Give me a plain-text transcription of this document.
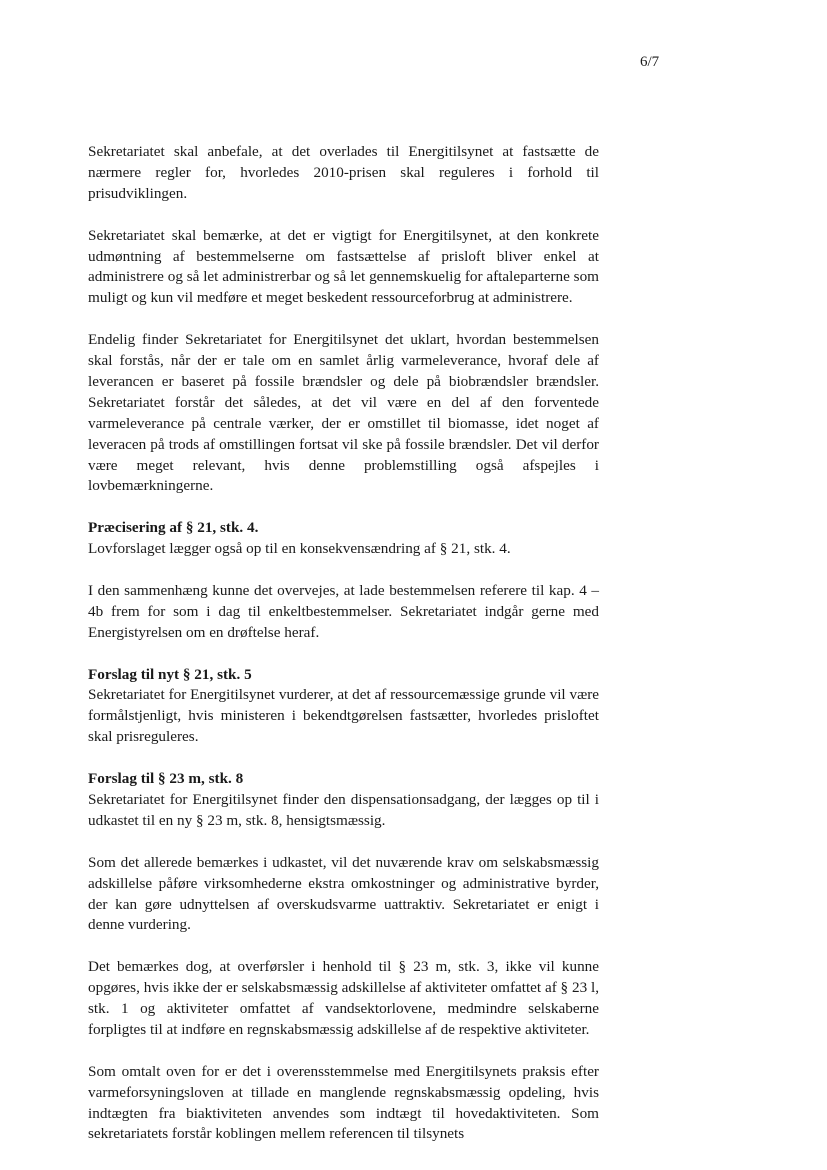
6/7

Sekretariatet skal anbefale, at det overlades til Energitilsynet at fastsætte de nærmere regler for, hvorledes 2010-prisen skal reguleres i forhold til prisudviklingen.

Sekretariatet skal bemærke, at det er vigtigt for Energitilsynet, at den konkrete udmøntning af bestemmelserne om fastsættelse af prisloft bliver enkel at administrere og så let administrerbar og så let gennemskuelig for aftaleparterne som muligt og kun vil medføre et meget beskedent ressourceforbrug at administrere.

Endelig finder Sekretariatet for Energitilsynet det uklart, hvordan bestemmelsen skal forstås, når der er tale om en samlet årlig varmeleverance, hvoraf dele af leverancen er baseret på fossile brændsler og dele på biobrændsler brændsler. Sekretariatet forstår det således, at det vil være en del af den forventede varmeleverance på centrale værker, der er omstillet til biomasse, idet noget af leveracen på trods af omstillingen fortsat vil ske på fossile brændsler. Det vil derfor være meget relevant, hvis denne problemstilling også afspejles i lovbemærkningerne.

Præcisering af § 21, stk. 4.
Lovforslaget lægger også op til en konsekvensændring af § 21, stk. 4.

I den sammenhæng kunne det overvejes, at lade bestemmelsen referere til kap. 4 – 4b frem for som i dag til enkeltbestemmelser. Sekretariatet indgår gerne med Energistyrelsen om en drøftelse heraf.

Forslag til nyt § 21, stk. 5
Sekretariatet for Energitilsynet vurderer, at det af ressourcemæssige grunde vil være formålstjenligt, hvis ministeren i bekendtgørelsen fastsætter, hvorledes prisloftet skal prisreguleres.

Forslag til § 23 m, stk. 8
Sekretariatet for Energitilsynet finder den dispensationsadgang, der lægges op til i udkastet til en ny § 23 m, stk. 8, hensigtsmæssig.

Som det allerede bemærkes i udkastet, vil det nuværende krav om selskabsmæssig adskillelse påføre virksomhederne ekstra omkostninger og administrative byrder, der kan gøre udnyttelsen af overskudsvarme uattraktiv. Sekretariatet er enigt i denne vurdering.

Det bemærkes dog, at overførsler i henhold til § 23 m, stk. 3, ikke vil kunne opgøres, hvis ikke der er selskabsmæssig adskillelse af aktiviteter omfattet af § 23 l, stk. 1 og aktiviteter omfattet af vandsektorlovene, medmindre selskaberne forpligtes til at indføre en regnskabsmæssig adskillelse af de respektive aktiviteter.

Som omtalt oven for er det i overensstemmelse med Energitilsynets praksis efter varmeforsyningsloven at tillade en manglende regnskabsmæssig opdeling, hvis indtægten fra biaktiviteten anvendes som indtægt til hovedaktiviteten. Som sekretariatets forstår koblingen mellem referencen til tilsynets
